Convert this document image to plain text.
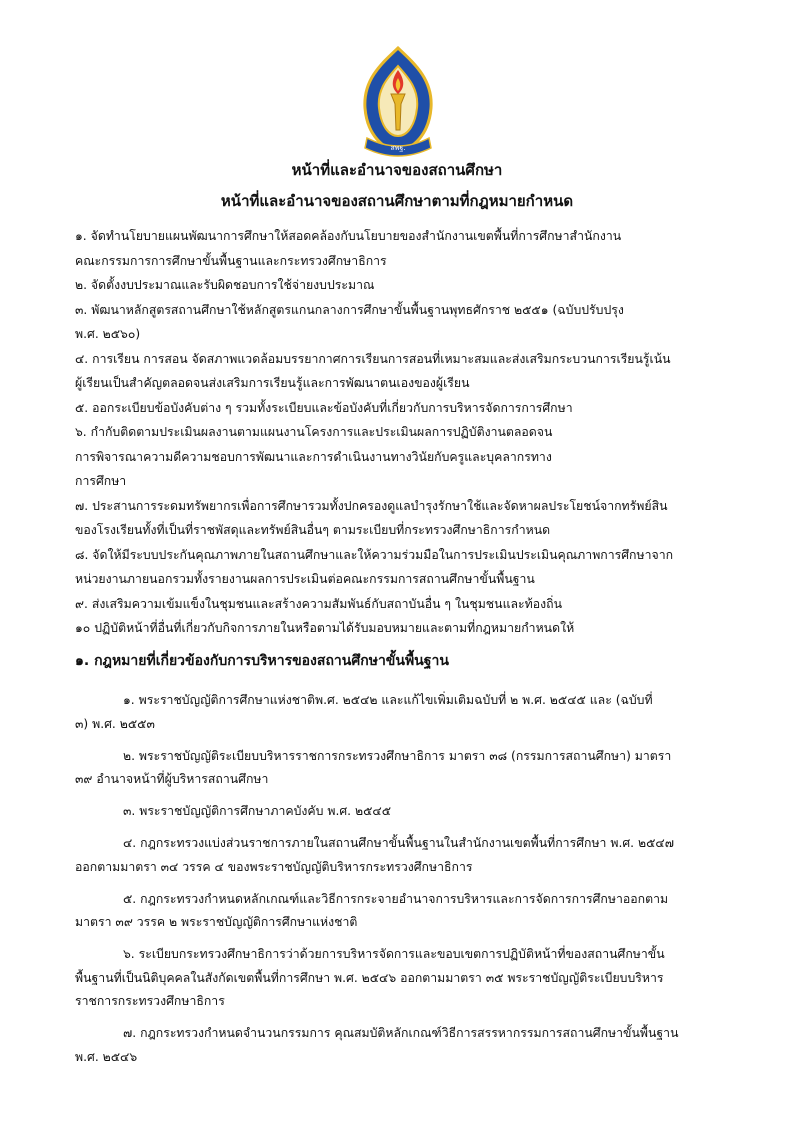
สพฐ.
หน้าที่และอำนาจของสถานศึกษา
หน้าที่และอำนาจของสถานศึกษาตามที่กฎหมายกำหนด

๑. จัดทำนโยบายแผนพัฒนาการศึกษาให้สอดคล้องกับนโยบายของสำนักงานเขตพื้นที่การศึกษาสำนักงาน

คณะกรรมการการศึกษาขั้นพื้นฐานและกระทรวงศึกษาธิการ

๒. จัดตั้งงบประมาณและรับผิดชอบการใช้จ่ายงบประมาณ

๓. พัฒนาหลักสูตรสถานศึกษาใช้หลักสูตรแกนกลางการศึกษาขั้นพื้นฐานพุทธศักราช ๒๕๕๑ (ฉบับปรับปรุง

พ.ศ. ๒๕๖๐)

๔. การเรียน การสอน จัดสภาพแวดล้อมบรรยากาศการเรียนการสอนที่เหมาะสมและส่งเสริมกระบวนการเรียนรู้เน้น

ผู้เรียนเป็นสำคัญตลอดจนส่งเสริมการเรียนรู้และการพัฒนาตนเองของผู้เรียน

๕. ออกระเบียบข้อบังคับต่าง ๆ รวมทั้งระเบียบและข้อบังคับที่เกี่ยวกับการบริหารจัดการการศึกษา

๖. กำกับติดตามประเมินผลงานตามแผนงานโครงการและประเมินผลการปฏิบัติงานตลอดจน

การพิจารณาความดีความชอบการพัฒนาและการดำเนินงานทางวินัยกับครูและบุคลากรทาง

การศึกษา

๗. ประสานการระดมทรัพยากรเพื่อการศึกษารวมทั้งปกครองดูแลบำรุงรักษาใช้และจัดหาผลประโยชน์จากทรัพย์สิน

ของโรงเรียนทั้งที่เป็นที่ราชพัสดุและทรัพย์สินอื่นๆ ตามระเบียบที่กระทรวงศึกษาธิการกำหนด

๘. จัดให้มีระบบประกันคุณภาพภายในสถานศึกษาและให้ความร่วมมือในการประเมินประเมินคุณภาพการศึกษาจาก

หน่วยงานภายนอกรวมทั้งรายงานผลการประเมินต่อคณะกรรมการสถานศึกษาขั้นพื้นฐาน

๙. ส่งเสริมความเข้มแข็งในชุมชนและสร้างความสัมพันธ์กับสถาบันอื่น ๆ ในชุมชนและท้องถิ่น

๑๐ ปฏิบัติหน้าที่อื่นที่เกี่ยวกับกิจการภายในหรือตามได้รับมอบหมายและตามที่กฎหมายกำหนดให้

๑. กฎหมายที่เกี่ยวข้องกับการบริหารของสถานศึกษาขั้นพื้นฐาน
๑. พระราชบัญญัติการศึกษาแห่งชาติพ.ศ. ๒๕๔๒ และแก้ไขเพิ่มเติมฉบับที่ ๒ พ.ศ. ๒๕๔๕ และ (ฉบับที่
๓) พ.ศ. ๒๕๕๓
๒. พระราชบัญญัติระเบียบบริหารราชการกระทรวงศึกษาธิการ มาตรา ๓๘ (กรรมการสถานศึกษา) มาตรา
๓๙ อำนาจหน้าที่ผู้บริหารสถานศึกษา
๓. พระราชบัญญัติการศึกษาภาคบังคับ พ.ศ. ๒๕๔๕
๔. กฎกระทรวงแบ่งส่วนราชการภายในสถานศึกษาขั้นพื้นฐานในสำนักงานเขตพื้นที่การศึกษา พ.ศ. ๒๕๔๗
ออกตามมาตรา ๓๔ วรรค ๔ ของพระราชบัญญัติบริหารกระทรวงศึกษาธิการ
๕. กฎกระทรวงกำหนดหลักเกณฑ์และวิธีการกระจายอำนาจการบริหารและการจัดการการศึกษาออกตาม
มาตรา ๓๙ วรรค ๒ พระราชบัญญัติการศึกษาแห่งชาติ
๖. ระเบียบกระทรวงศึกษาธิการว่าด้วยการบริหารจัดการและขอบเขตการปฏิบัติหน้าที่ของสถานศึกษาขั้น
พื้นฐานที่เป็นนิติบุคคลในสังกัดเขตพื้นที่การศึกษา พ.ศ. ๒๕๔๖ ออกตามมาตรา ๓๕ พระราชบัญญัติระเบียบบริหาร
ราชการกระทรวงศึกษาธิการ
๗. กฎกระทรวงกำหนดจำนวนกรรมการ คุณสมบัติหลักเกณฑ์วิธีการสรรหากรรมการสถานศึกษาขั้นพื้นฐาน
พ.ศ. ๒๕๔๖
